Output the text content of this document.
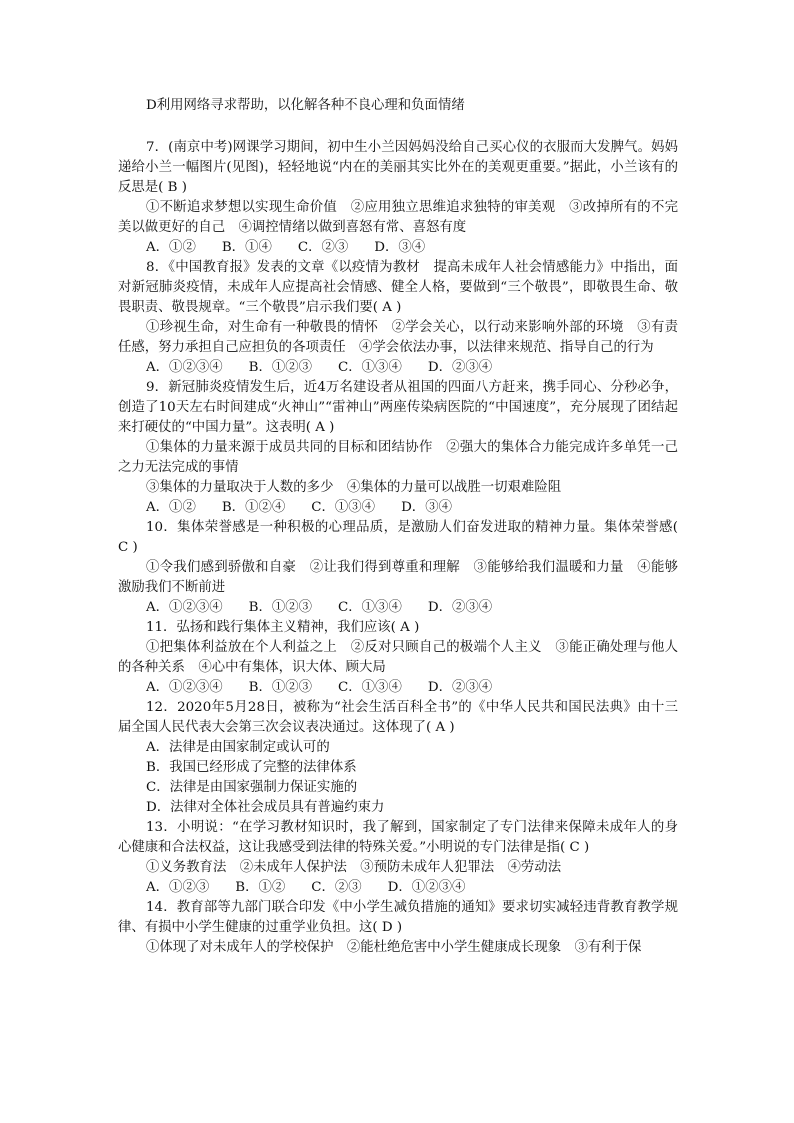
D利用网络寻求帮助，以化解各种不良心理和负面情绪

7．(南京中考)网课学习期间，初中生小兰因妈妈没给自己买心仪的衣服而大发脾气。妈妈递给小兰一幅图片(见图)，轻轻地说“内在的美丽其实比外在的美观更重要。”据此，小兰该有的反思是( B )

①不断追求梦想以实现生命价值　②应用独立思维追求独特的审美观　③改掉所有的不完美以做更好的自己　④调控情绪以做到喜怒有常、喜怒有度

A．①② B．①④ C．②③ D．③④

8．《中国教育报》发表的文章《以疫情为教材　提高未成年人社会情感能力》中指出，面对新冠肺炎疫情，未成年人应提高社会情感、健全人格，要做到“三个敬畏”，即敬畏生命、敬畏职责、敬畏规章。“三个敬畏”启示我们要( A )

①珍视生命，对生命有一种敬畏的情怀　②学会关心，以行动来影响外部的环境　③有责任感，努力承担自己应担负的各项责任　④学会依法办事，以法律来规范、指导自己的行为

A．①②③④ B．①②③ C．①③④ D．②③④

9．新冠肺炎疫情发生后，近4万名建设者从祖国的四面八方赶来，携手同心、分秒必争，创造了10天左右时间建成“火神山”“雷神山”两座传染病医院的“中国速度”，充分展现了团结起来打硬仗的“中国力量”。这表明( A )

①集体的力量来源于成员共同的目标和团结协作　②强大的集体合力能完成许多单凭一己之力无法完成的事情

③集体的力量取决于人数的多少　④集体的力量可以战胜一切艰难险阻

A．①② B．①②④ C．①③④ D．③④

10．集体荣誉感是一种积极的心理品质，是激励人们奋发进取的精神力量。集体荣誉感( C )

①令我们感到骄傲和自豪　②让我们得到尊重和理解　③能够给我们温暖和力量　④能够激励我们不断前进

A．①②③④ B．①②③ C．①③④ D．②③④

11．弘扬和践行集体主义精神，我们应该( A )

①把集体利益放在个人利益之上　②反对只顾自己的极端个人主义　③能正确处理与他人的各种关系　④心中有集体，识大体、顾大局

A．①②③④ B．①②③ C．①③④ D．②③④

12．2020年5月28日，被称为“社会生活百科全书”的《中华人民共和国民法典》由十三届全国人民代表大会第三次会议表决通过。这体现了( A )

A．法律是由国家制定或认可的

B．我国已经形成了完整的法律体系

C．法律是由国家强制力保证实施的

D．法律对全体社会成员具有普遍约束力

13．小明说：“在学习教材知识时，我了解到，国家制定了专门法律来保障未成年人的身心健康和合法权益，这让我感受到法律的特殊关爱。”小明说的专门法律是指( C )

①义务教育法　②未成年人保护法　③预防未成年人犯罪法　④劳动法

A．①②③ B．①② C．②③ D．①②③④

14．教育部等九部门联合印发《中小学生减负措施的通知》要求切实减轻违背教育教学规律、有损中小学生健康的过重学业负担。这( D )

①体现了对未成年人的学校保护　②能杜绝危害中小学生健康成长现象　③有利于保
